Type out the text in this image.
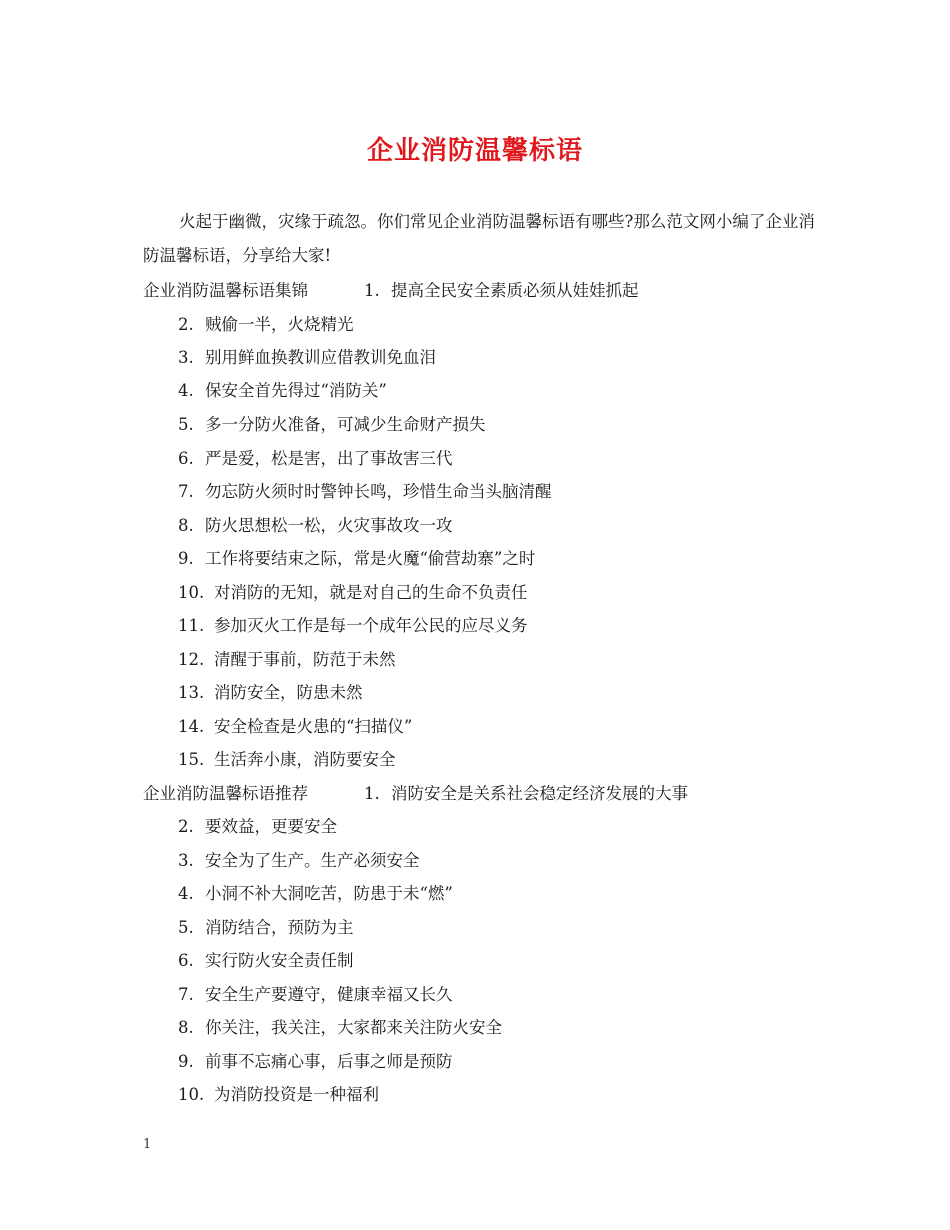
企业消防温馨标语

火起于幽微，灾缘于疏忽。你们常见企业消防温馨标语有哪些?那么范文网小编了企业消防温馨标语，分享给大家!

企业消防温馨标语集锦	1. 提高全民安全素质必须从娃娃抓起
2. 贼偷一半，火烧精光
3. 别用鲜血换教训应借教训免血泪
4. 保安全首先得过“消防关”
5. 多一分防火准备，可减少生命财产损失
6. 严是爱，松是害，出了事故害三代
7. 勿忘防火须时时警钟长鸣，珍惜生命当头脑清醒
8. 防火思想松一松，火灾事故攻一攻
9. 工作将要结束之际，常是火魔“偷营劫寨”之时
10. 对消防的无知，就是对自己的生命不负责任
11. 参加灭火工作是每一个成年公民的应尽义务
12. 清醒于事前，防范于未然
13. 消防安全，防患未然
14. 安全检查是火患的“扫描仪”
15. 生活奔小康，消防要安全
企业消防温馨标语推荐	1. 消防安全是关系社会稳定经济发展的大事
2. 要效益，更要安全
3. 安全为了生产。生产必须安全
4. 小洞不补大洞吃苦，防患于未“燃”
5. 消防结合，预防为主
6. 实行防火安全责任制
7. 安全生产要遵守，健康幸福又长久
8. 你关注，我关注，大家都来关注防火安全
9. 前事不忘痛心事，后事之师是预防
10. 为消防投资是一种福利
1
